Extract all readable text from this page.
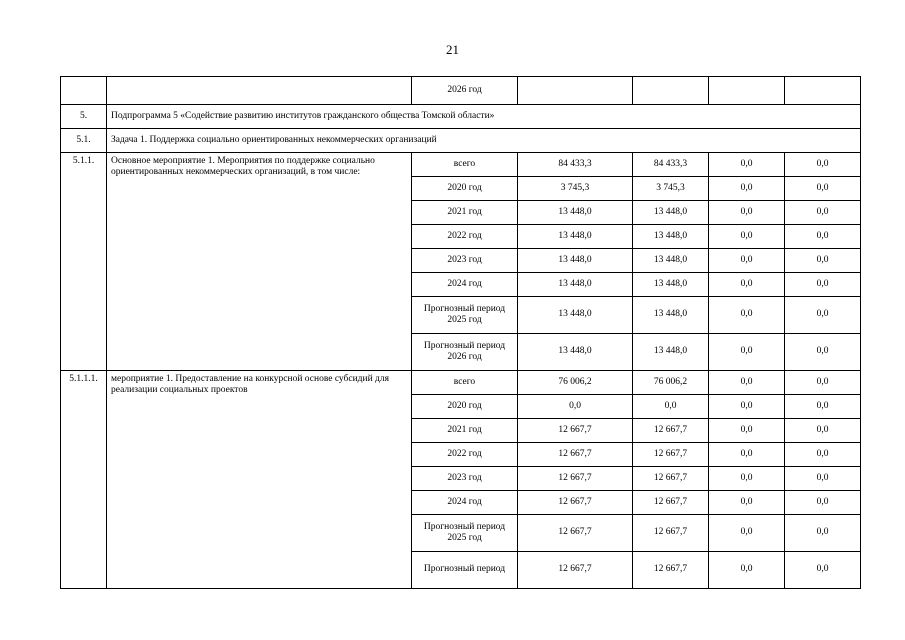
21
		2026 год				
5.	Подпрограмма 5 «Содействие развитию институтов гражданского общества Томской области»					
5.1.	Задача 1. Поддержка социально ориентированных некоммерческих организаций					
5.1.1.	Основное мероприятие 1. Мероприятия по поддержке социально ориентированных некоммерческих организаций, в том числе:	всего	84 433,3	84 433,3	0,0	0,0
		2020 год	3 745,3	3 745,3	0,0	0,0
		2021 год	13 448,0	13 448,0	0,0	0,0
		2022 год	13 448,0	13 448,0	0,0	0,0
		2023 год	13 448,0	13 448,0	0,0	0,0
		2024 год	13 448,0	13 448,0	0,0	0,0
		Прогнозный период 2025 год	13 448,0	13 448,0	0,0	0,0
		Прогнозный период 2026 год	13 448,0	13 448,0	0,0	0,0
5.1.1.1.	мероприятие 1. Предоставление на конкурсной основе субсидий для реализации социальных проектов	всего	76 006,2	76 006,2	0,0	0,0
		2020 год	0,0	0,0	0,0	0,0
		2021 год	12 667,7	12 667,7	0,0	0,0
		2022 год	12 667,7	12 667,7	0,0	0,0
		2023 год	12 667,7	12 667,7	0,0	0,0
		2024 год	12 667,7	12 667,7	0,0	0,0
		Прогнозный период 2025 год	12 667,7	12 667,7	0,0	0,0
		Прогнозный период	12 667,7	12 667,7	0,0	0,0
